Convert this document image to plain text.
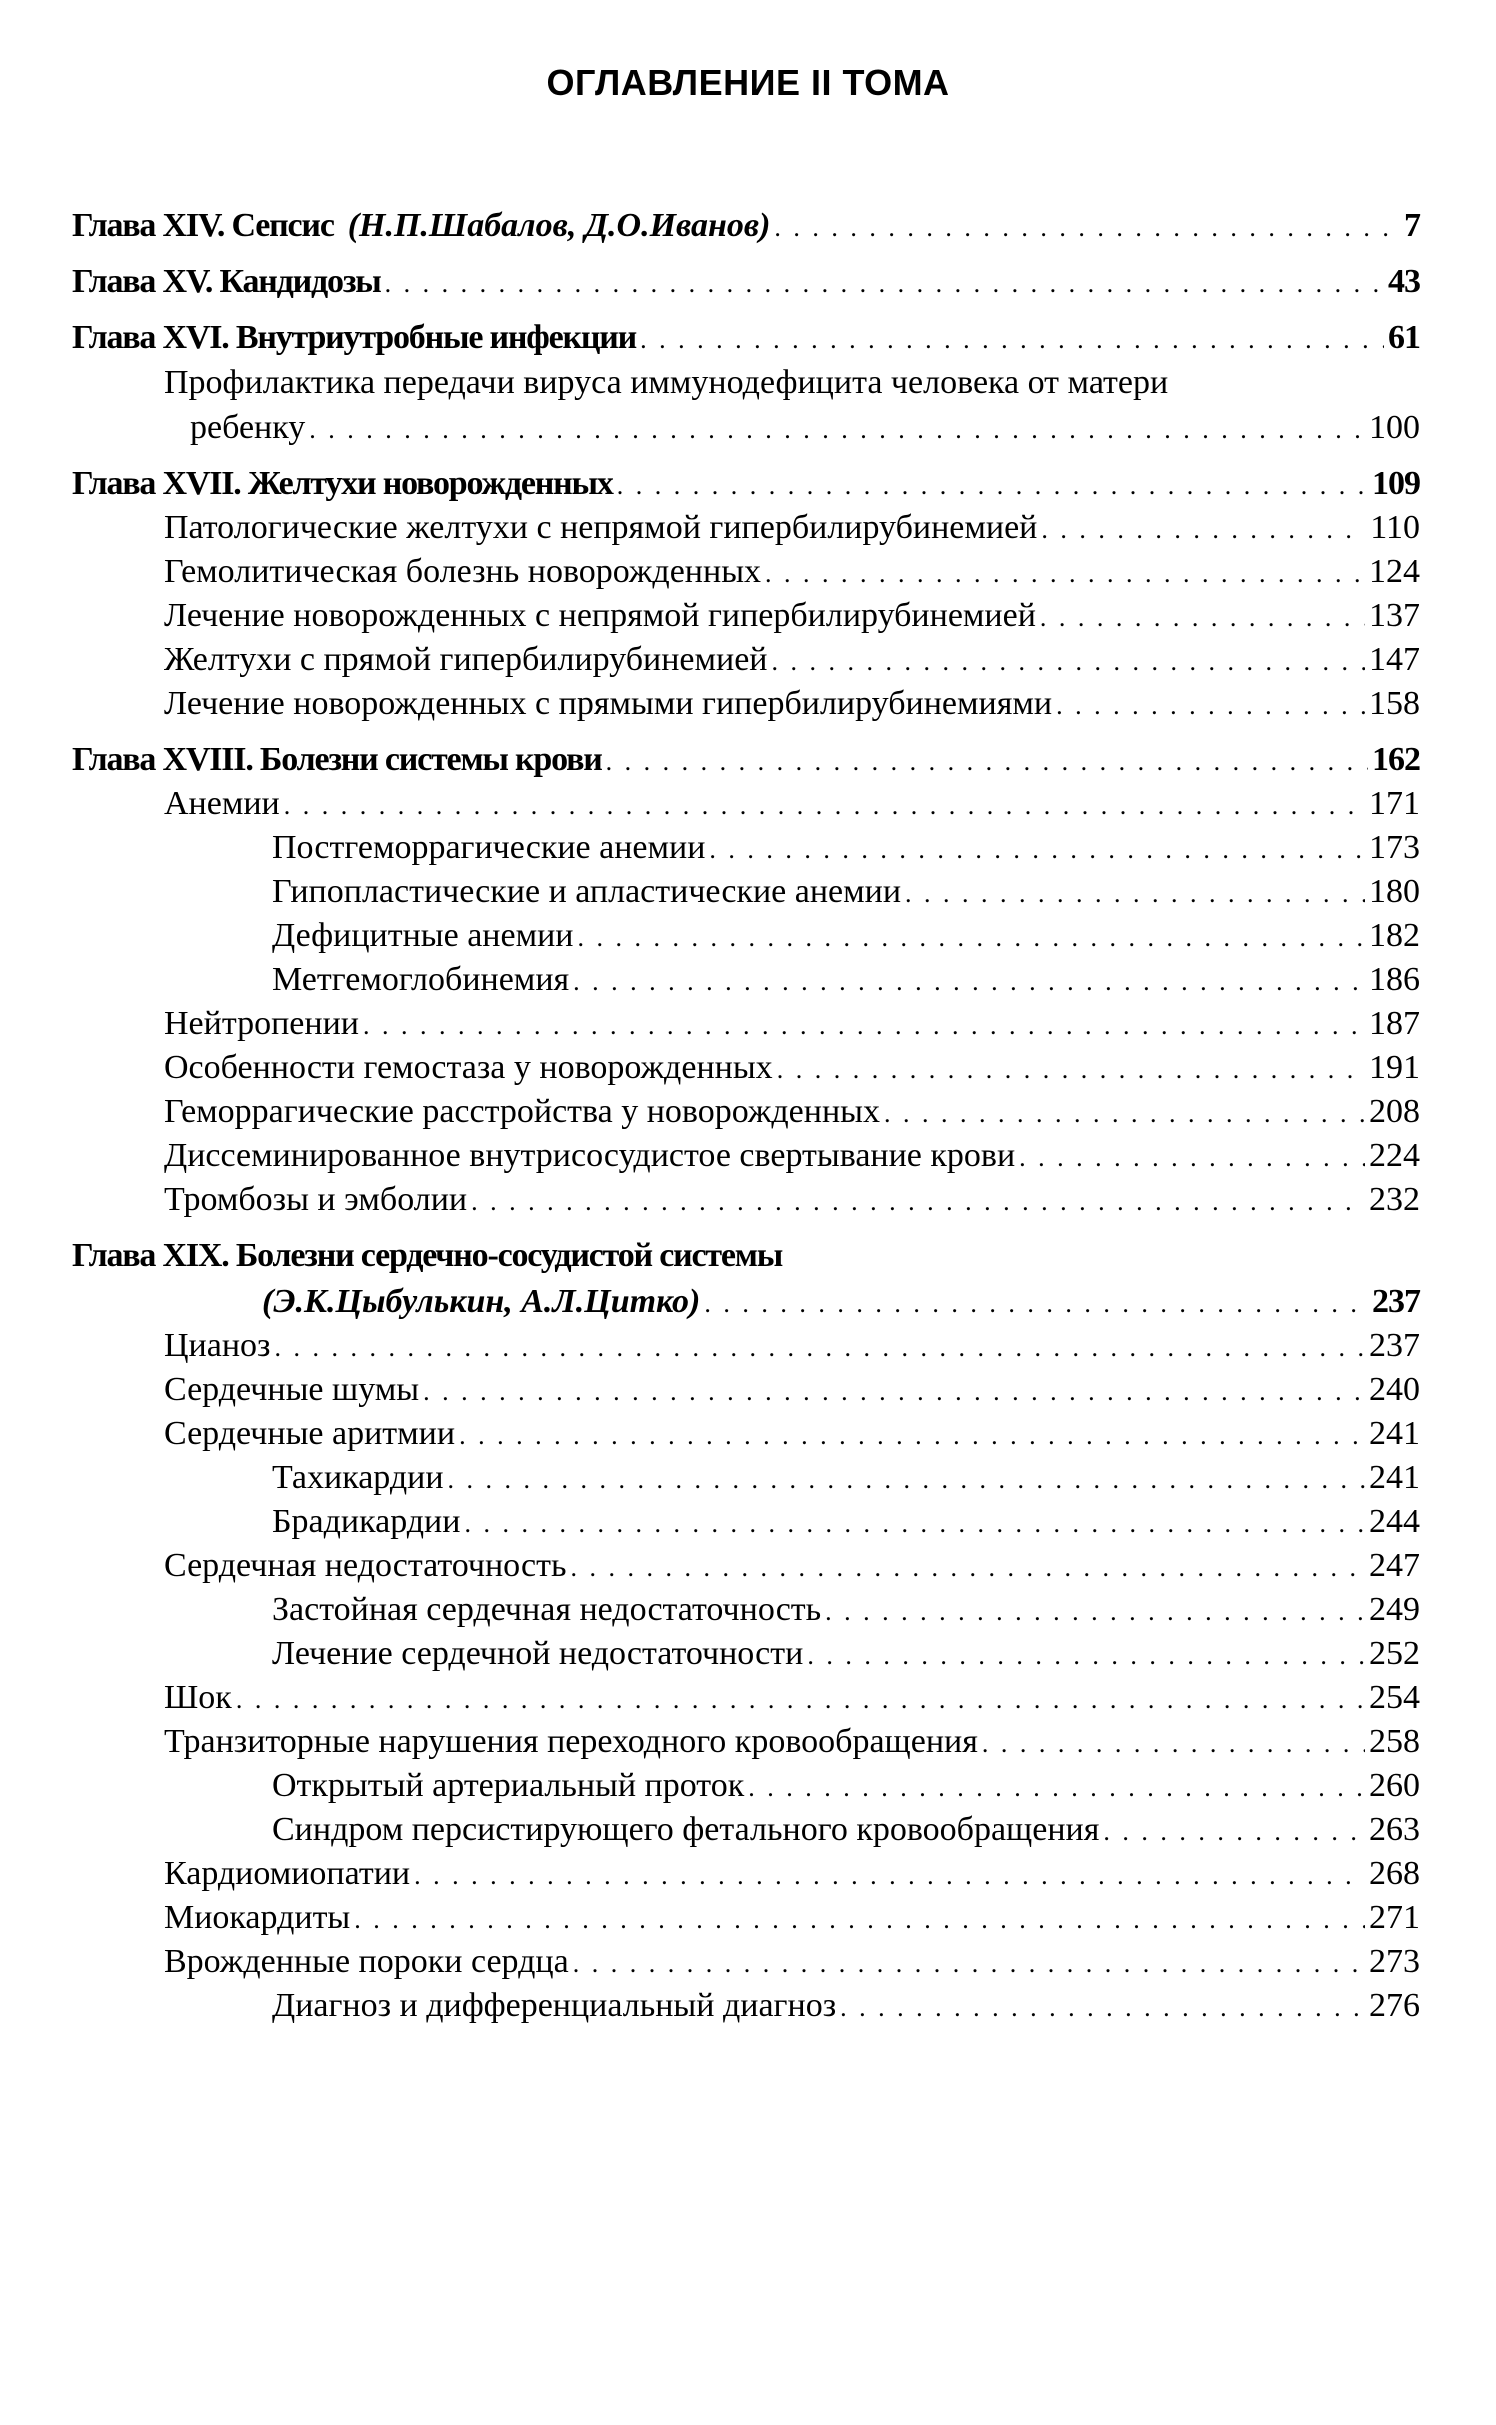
ОГЛАВЛЕНИЕ II ТОМА
Глава XIV. Сепсис (Н.П.Шабалов, Д.О.Иванов) . . .	7
Глава XV. Кандидозы . . .	43
Глава XVI. Внутриутробные инфекции . . .	61
Профилактика передачи вируса иммунодефицита человека от матери
ребенку . . .	100
Глава XVII. Желтухи новорожденных . . .	109
Патологические желтухи с непрямой гипербилирубинемией . . .	110
Гемолитическая болезнь новорожденных . . .	124
Лечение новорожденных с непрямой гипербилирубинемией . . .	137
Желтухи с прямой гипербилирубинемией . . .	147
Лечение новорожденных с прямыми гипербилирубинемиями . . .	158
Глава XVIII. Болезни системы крови . . .	162
Анемии . . .	171
Постгеморрагические анемии . . .	173
Гипопластические и апластические анемии . . .	180
Дефицитные анемии . . .	182
Метгемоглобинемия . . .	186
Нейтропении . . .	187
Особенности гемостаза у новорожденных . . .	191
Геморрагические расстройства у новорожденных . . .	208
Диссеминированное внутрисосудистое свертывание крови . . .	224
Тромбозы и эмболии . . .	232
Глава XIX. Болезни сердечно-сосудистой системы
(Э.К.Цыбулькин, А.Л.Цитко) . . .	237
Цианоз . . .	237
Сердечные шумы . . .	240
Сердечные аритмии . . .	241
Тахикардии . . .	241
Брадикардии . . .	244
Сердечная недостаточность . . .	247
Застойная сердечная недостаточность . . .	249
Лечение сердечной недостаточности . . .	252
Шок . . .	254
Транзиторные нарушения переходного кровообращения . . .	258
Открытый артериальный проток . . .	260
Синдром персистирующего фетального кровообращения . . .	263
Кардиомиопатии . . .	268
Миокардиты . . .	271
Врожденные пороки сердца . . .	273
Диагноз и дифференциальный диагноз . . .	276
